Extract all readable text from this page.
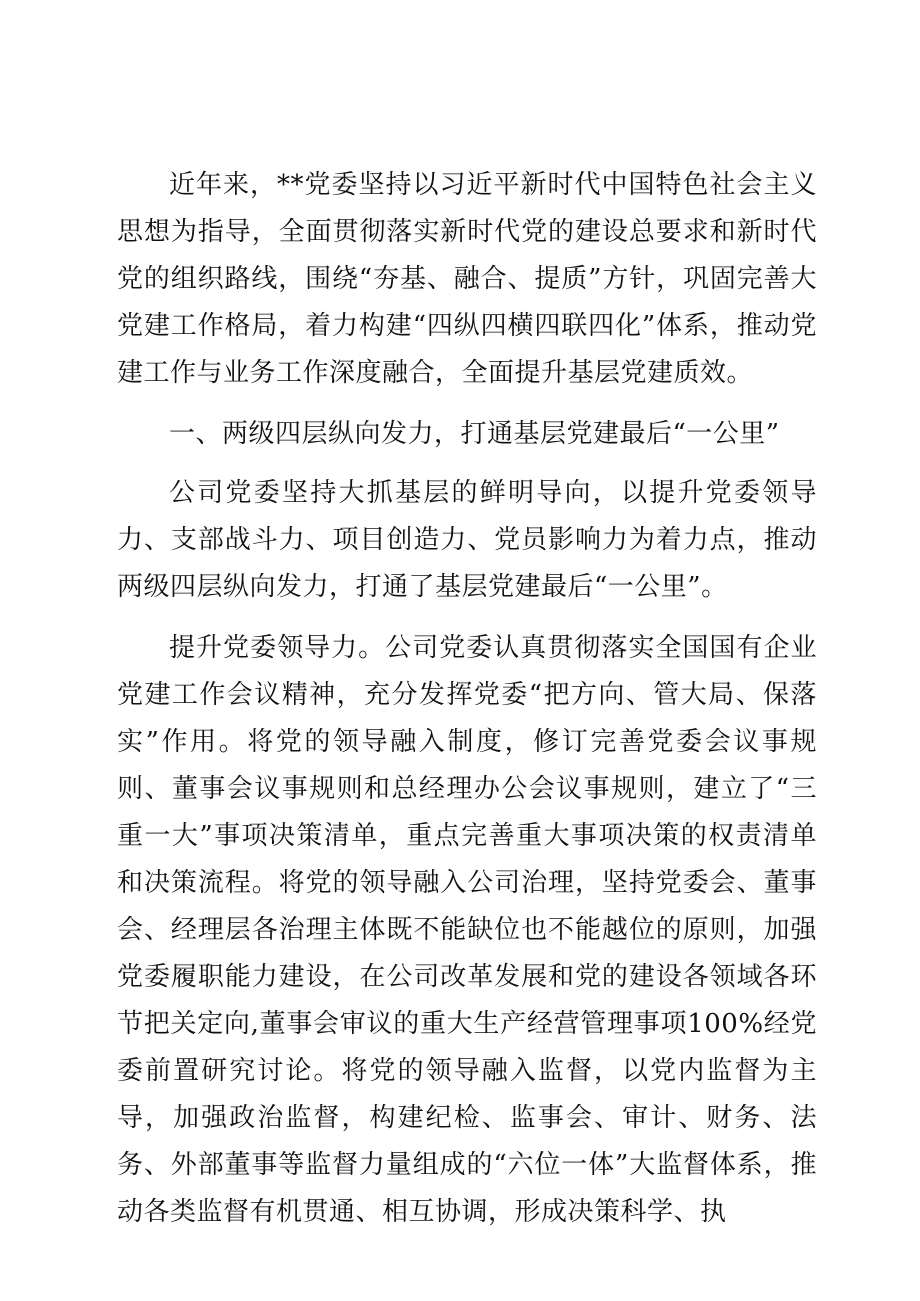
近年来，**党委坚持以习近平新时代中国特色社会主义思想为指导，全面贯彻落实新时代党的建设总要求和新时代党的组织路线，围绕“夯基、融合、提质”方针，巩固完善大党建工作格局，着力构建“四纵四横四联四化”体系，推动党建工作与业务工作深度融合，全面提升基层党建质效。

一、两级四层纵向发力，打通基层党建最后“一公里”

公司党委坚持大抓基层的鲜明导向，以提升党委领导力、支部战斗力、项目创造力、党员影响力为着力点，推动两级四层纵向发力，打通了基层党建最后“一公里”。

提升党委领导力。公司党委认真贯彻落实全国国有企业党建工作会议精神，充分发挥党委“把方向、管大局、保落实”作用。将党的领导融入制度，修订完善党委会议事规则、董事会议事规则和总经理办公会议事规则，建立了“三重一大”事项决策清单，重点完善重大事项决策的权责清单和决策流程。将党的领导融入公司治理，坚持党委会、董事会、经理层各治理主体既不能缺位也不能越位的原则，加强党委履职能力建设，在公司改革发展和党的建设各领域各环节把关定向,董事会审议的重大生产经营管理事项100%经党委前置研究讨论。将党的领导融入监督，以党内监督为主导，加强政治监督，构建纪检、监事会、审计、财务、法务、外部董事等监督力量组成的“六位一体”大监督体系，推动各类监督有机贯通、相互协调，形成决策科学、执
